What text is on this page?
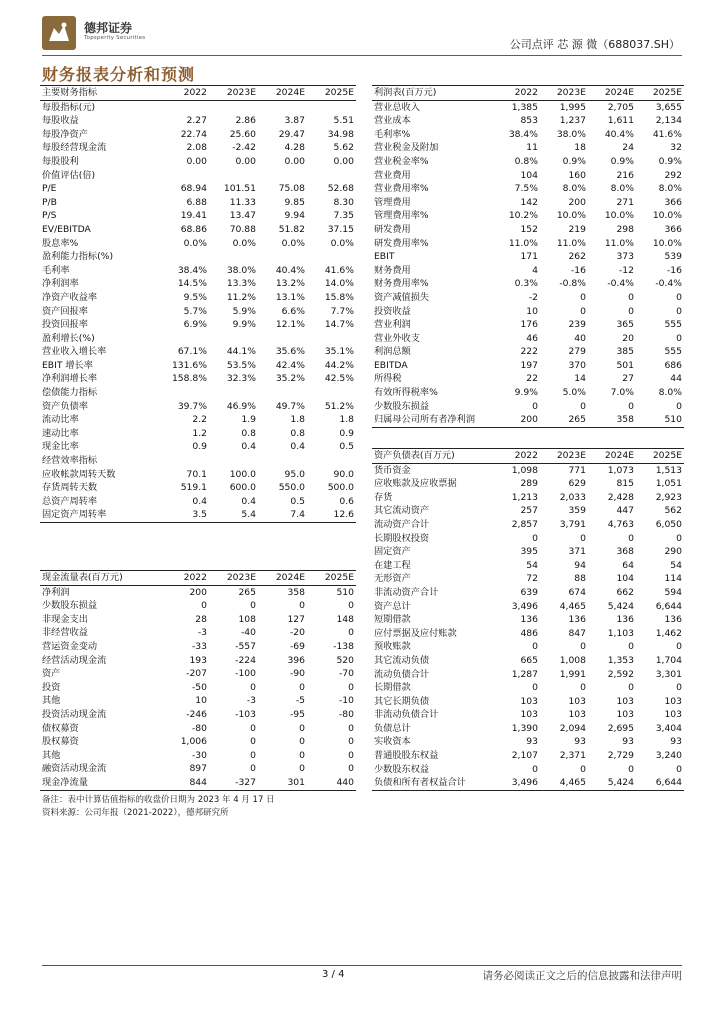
德邦证券
Topsperity Securities	公司点评 芯 源 微（688037.SH）
财务报表分析和预测
主要财务指标	2022	2023E	2024E	2025E
每股指标(元)				
每股收益	2.27	2.86	3.87	5.51
每股净资产	22.74	25.60	29.47	34.98
每股经营现金流	2.08	-2.42	4.28	5.62
每股股利	0.00	0.00	0.00	0.00
价值评估(倍)				
P/E	68.94	101.51	75.08	52.68
P/B	6.88	11.33	9.85	8.30
P/S	19.41	13.47	9.94	7.35
EV/EBITDA	68.86	70.88	51.82	37.15
股息率%	0.0%	0.0%	0.0%	0.0%
盈利能力指标(%)				
毛利率	38.4%	38.0%	40.4%	41.6%
净利润率	14.5%	13.3%	13.2%	14.0%
净资产收益率	9.5%	11.2%	13.1%	15.8%
资产回报率	5.7%	5.9%	6.6%	7.7%
投资回报率	6.9%	9.9%	12.1%	14.7%
盈利增长(%)				
营业收入增长率	67.1%	44.1%	35.6%	35.1%
EBIT 增长率	131.6%	53.5%	42.4%	44.2%
净利润增长率	158.8%	32.3%	35.2%	42.5%
偿债能力指标				
资产负债率	39.7%	46.9%	49.7%	51.2%
流动比率	2.2	1.9	1.8	1.8
速动比率	1.2	0.8	0.8	0.9
现金比率	0.9	0.4	0.4	0.5
经营效率指标				
应收帐款周转天数	70.1	100.0	95.0	90.0
存货周转天数	519.1	600.0	550.0	500.0
总资产周转率	0.4	0.4	0.5	0.6
固定资产周转率	3.5	5.4	7.4	12.6
利润表(百万元)	2022	2023E	2024E	2025E
营业总收入	1,385	1,995	2,705	3,655
营业成本	853	1,237	1,611	2,134
毛利率%	38.4%	38.0%	40.4%	41.6%
营业税金及附加	11	18	24	32
营业税金率%	0.8%	0.9%	0.9%	0.9%
营业费用	104	160	216	292
营业费用率%	7.5%	8.0%	8.0%	8.0%
管理费用	142	200	271	366
管理费用率%	10.2%	10.0%	10.0%	10.0%
研发费用	152	219	298	366
研发费用率%	11.0%	11.0%	11.0%	10.0%
EBIT	171	262	373	539
财务费用	4	-16	-12	-16
财务费用率%	0.3%	-0.8%	-0.4%	-0.4%
资产减值损失	-2	0	0	0
投资收益	10	0	0	0
营业利润	176	239	365	555
营业外收支	46	40	20	0
利润总额	222	279	385	555
EBITDA	197	370	501	686
所得税	22	14	27	44
有效所得税率%	9.9%	5.0%	7.0%	8.0%
少数股东损益	0	0	0	0
归属母公司所有者净利润	200	265	358	510
现金流量表(百万元)	2022	2023E	2024E	2025E
净利润	200	265	358	510
少数股东损益	0	0	0	0
非现金支出	28	108	127	148
非经营收益	-3	-40	-20	0
营运资金变动	-33	-557	-69	-138
经营活动现金流	193	-224	396	520
资产	-207	-100	-90	-70
投资	-50	0	0	0
其他	10	-3	-5	-10
投资活动现金流	-246	-103	-95	-80
债权募资	-80	0	0	0
股权募资	1,006	0	0	0
其他	-30	0	0	0
融资活动现金流	897	0	0	0
现金净流量	844	-327	301	440
资产负债表(百万元)	2022	2023E	2024E	2025E
货币资金	1,098	771	1,073	1,513
应收账款及应收票据	289	629	815	1,051
存货	1,213	2,033	2,428	2,923
其它流动资产	257	359	447	562
流动资产合计	2,857	3,791	4,763	6,050
长期股权投资	0	0	0	0
固定资产	395	371	368	290
在建工程	54	94	64	54
无形资产	72	88	104	114
非流动资产合计	639	674	662	594
资产总计	3,496	4,465	5,424	6,644
短期借款	136	136	136	136
应付票据及应付账款	486	847	1,103	1,462
预收账款	0	0	0	0
其它流动负债	665	1,008	1,353	1,704
流动负债合计	1,287	1,991	2,592	3,301
长期借款	0	0	0	0
其它长期负债	103	103	103	103
非流动负债合计	103	103	103	103
负债总计	1,390	2,094	2,695	3,404
实收资本	93	93	93	93
普通股股东权益	2,107	2,371	2,729	3,240
少数股东权益	0	0	0	0
负债和所有者权益合计	3,496	4,465	5,424	6,644
备注：表中计算估值指标的收盘价日期为 2023 年 4 月 17 日
资料来源：公司年报（2021-2022），德邦研究所
3 / 4	请务必阅读正文之后的信息披露和法律声明
